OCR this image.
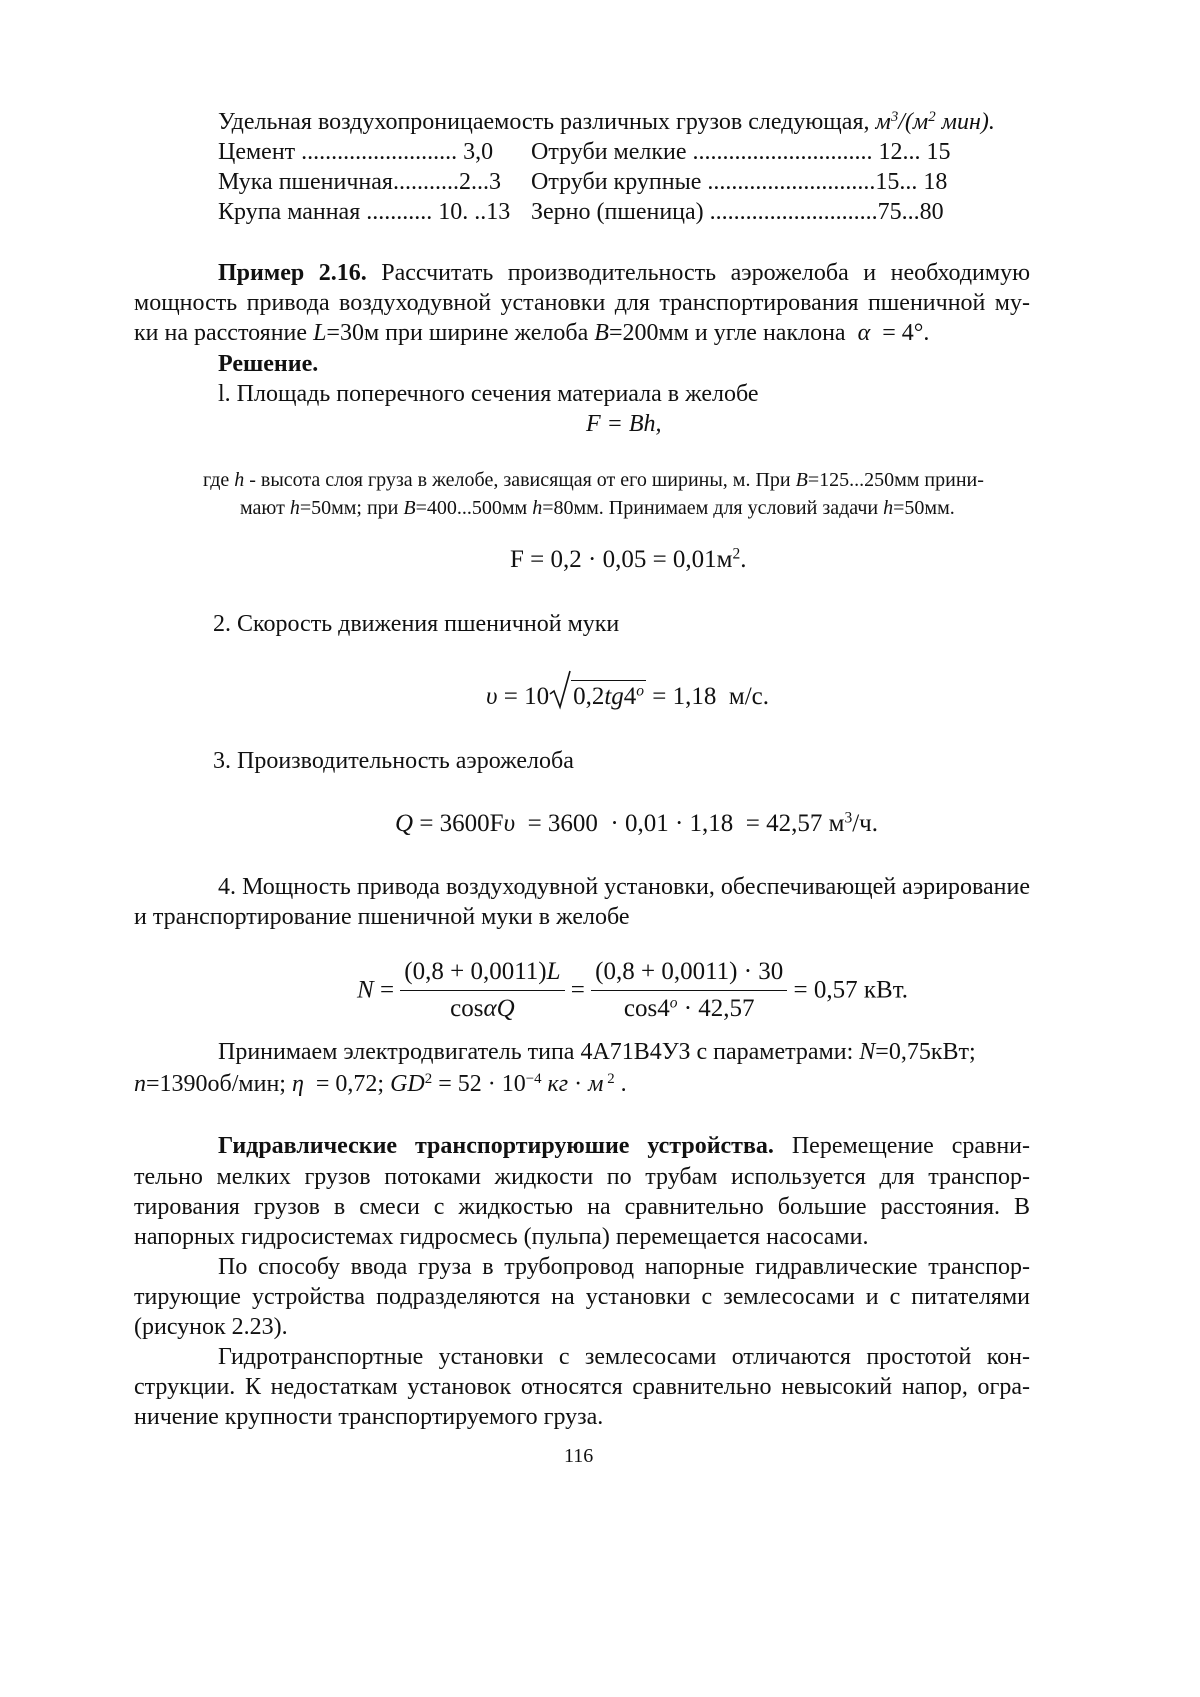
Удельная воздухопроницаемость различных грузов следующая, м3/(м2 мин).
Цемент .......................... 3,0 Отруби мелкие .............................. 12... 15
Мука пшеничная...........2...3 Отруби крупные ............................15... 18
Крупа манная ........... 10. ..13 Зерно (пшеница) ............................75...80
Пример 2.16. Рассчитать производительность аэрожелоба и необходимую
мощность привода воздуходувной установки для транспортирования пшеничной му-
ки на расстояние L=30м при ширине желоба В=200мм и угле наклона  α  = 4°.
Решение.
l. Площадь поперечного сечения материала в желобе
F = Bh,
где h - высота слоя груза в желобе, зависящая от его ширины, м. При В=125...250мм прини-
мают h=50мм; при В=400...500мм h=80мм. Принимаем для условий задачи h=50мм.
F = 0,2 · 0,05 = 0,01м2.
2. Скорость движения пшеничной муки
υ = 10 0,2tg4o = 1,18  м/с.
3. Производительность аэрожелоба
Q = 3600Fυ  = 3600  · 0,01 · 1,18  = 42,57 м3/ч.
4. Мощность привода воздуходувной установки, обеспечивающей аэрирование
и транспортирование пшеничной муки в желобе
N =
(0,8 + 0,0011)L
cosαQ
=
(0,8 + 0,0011) · 30
cos4o · 42,57
= 0,57 кВт.
Принимаем электродвигатель типа 4А71В4УЗ с параметрами: N=0,75кВт;
n=1390об/мин; η  = 0,72; GD2 = 52 · 10−4 кг · м 2 .
Гидравлические транспортируюшие устройства. Перемещение сравни-
тельно мелких грузов потоками жидкости по трубам используется для транспор-
тирования грузов в смеси с жидкостью на сравнительно большие расстояния. В
напорных гидросистемах гидросмесь (пульпа) перемещается насосами.
По способу ввода груза в трубопровод напорные гидравлические транспор-
тирующие устройства подразделяются на установки с землесосами и с питателями
(рисунок 2.23).
Гидротранспортные установки с землесосами отличаются простотой кон-
струкции. К недостаткам установок относятся сравнительно невысокий напор, огра-
ничение крупности транспортируемого груза.
116
